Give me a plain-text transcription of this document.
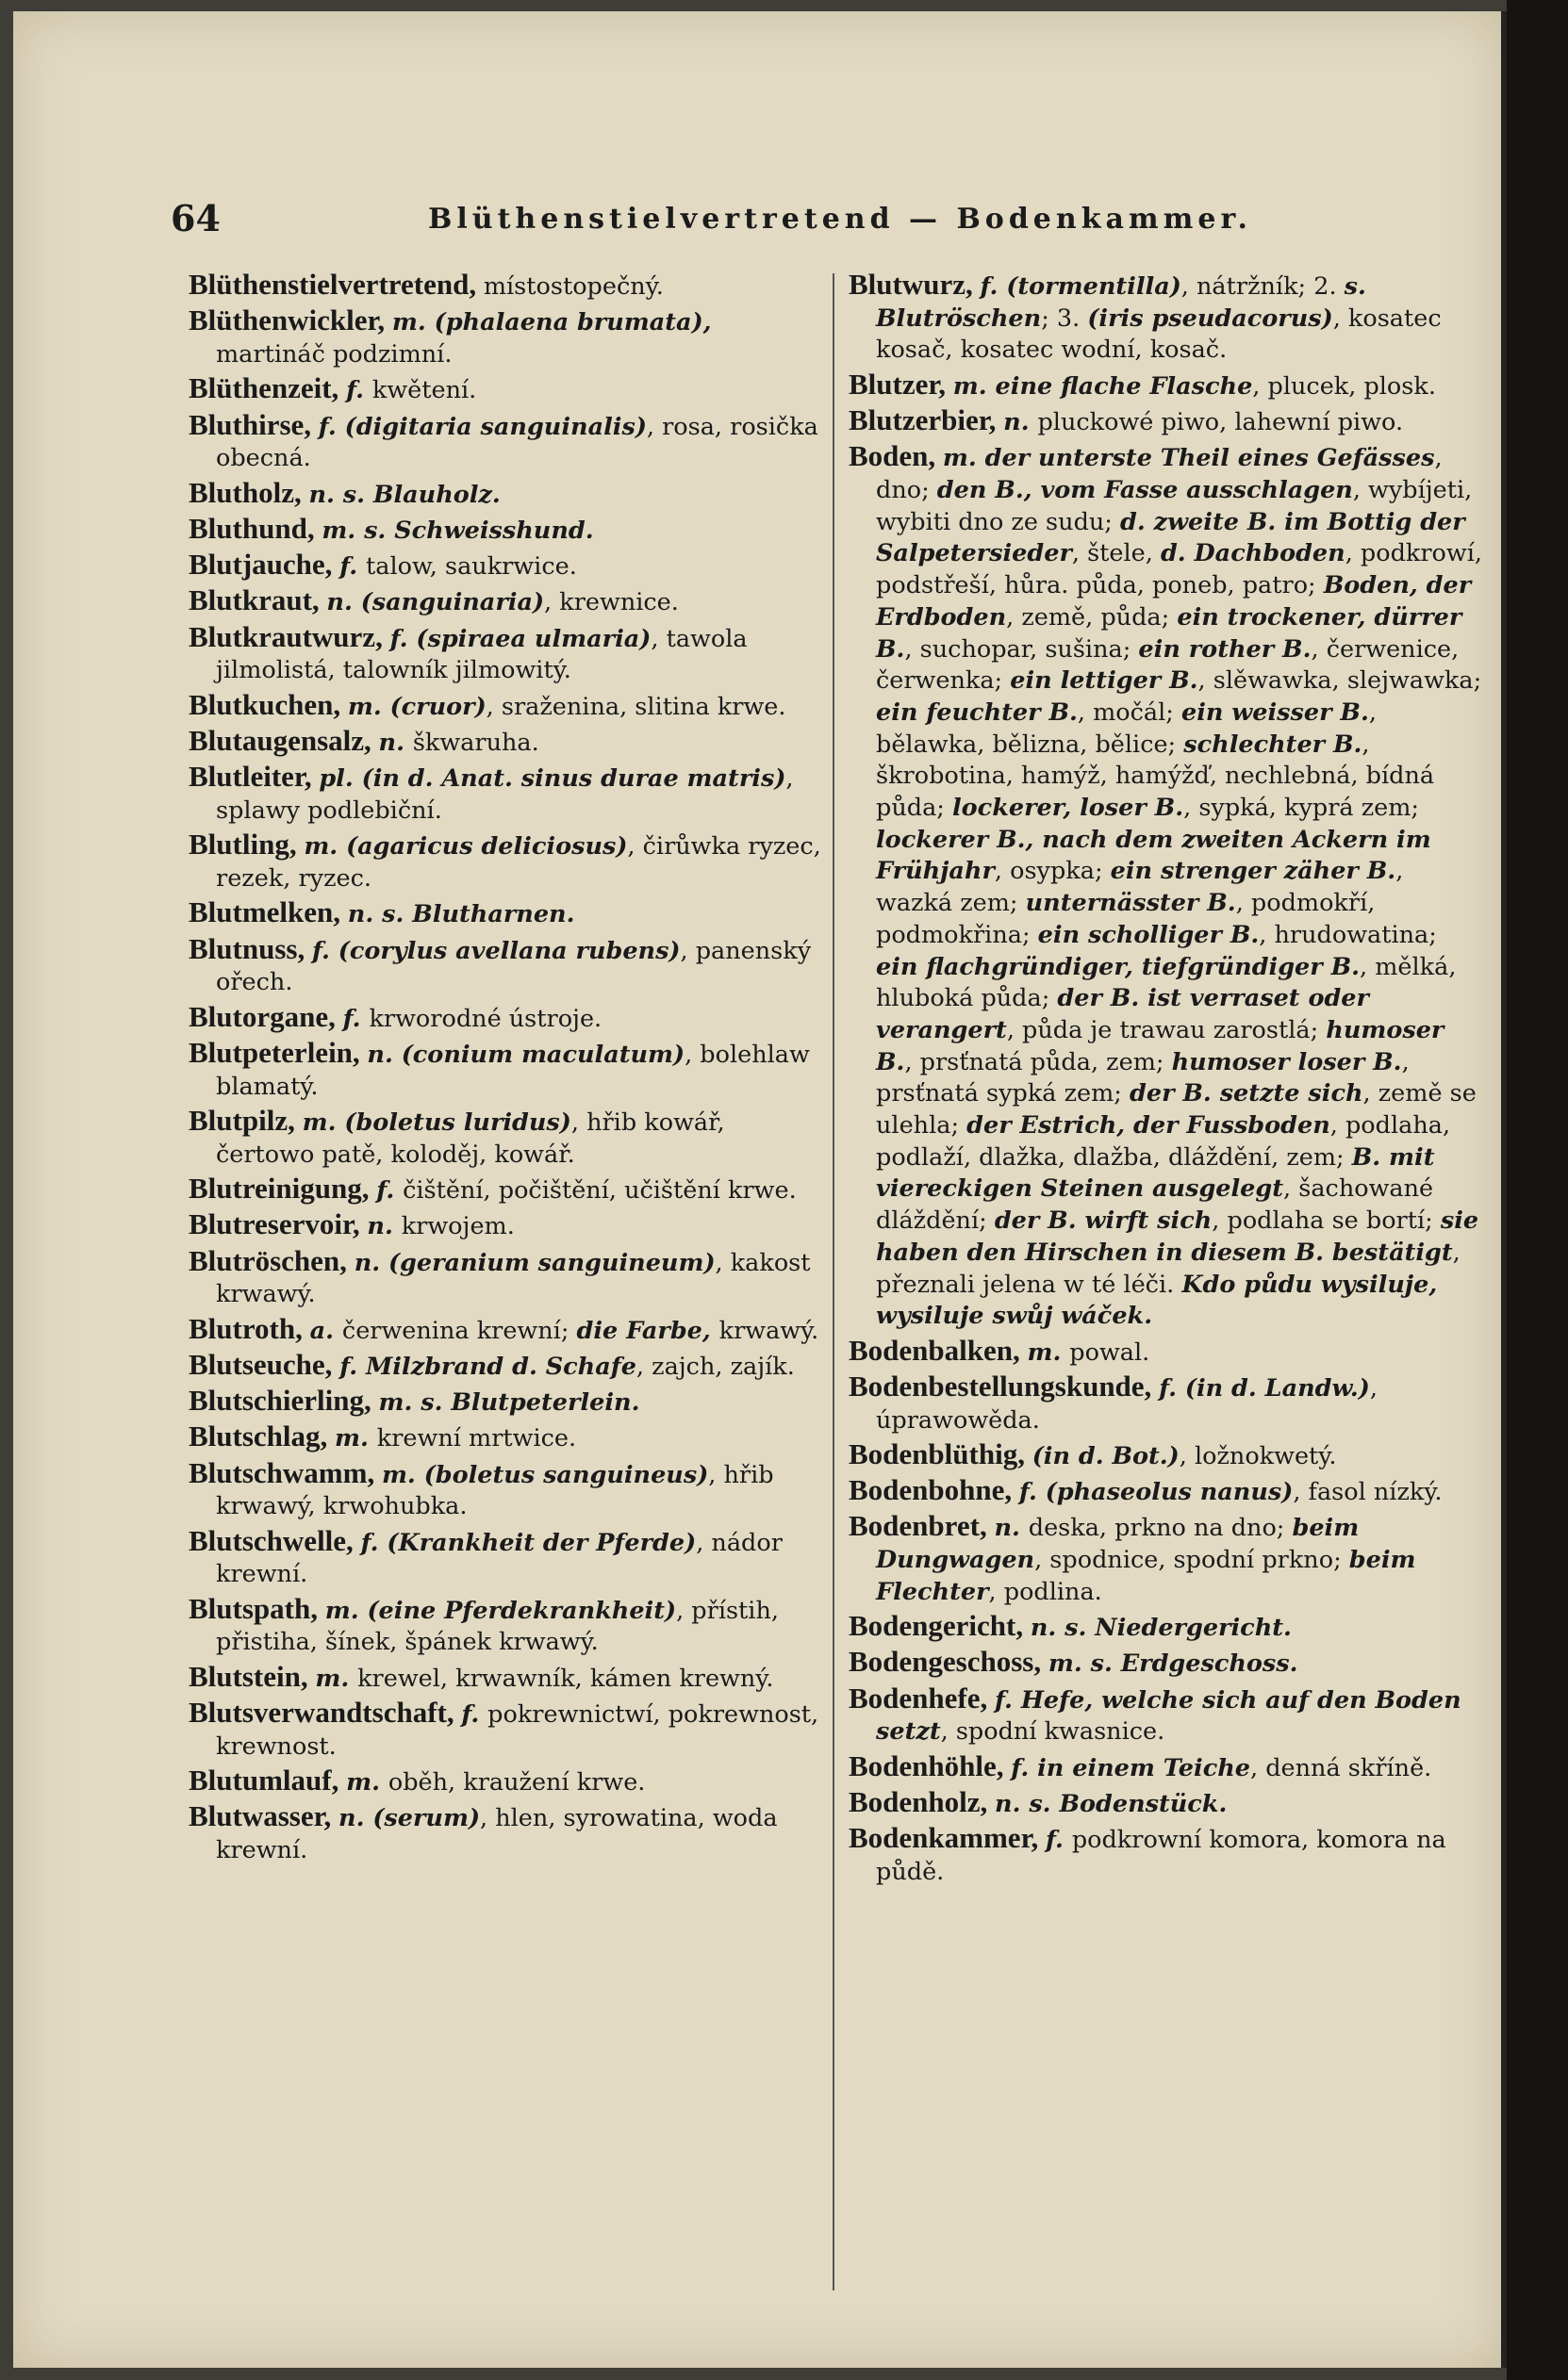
64	Blüthenstielvertretend — Bodenkammer.

Blüthenstielvertretend, místostopečný.

Blüthenwickler, m. (phalaena brumata), martináč podzimní.

Blüthenzeit, f. kwětení.

Bluthirse, f. (digitaria sanguinalis), rosa, rosička obecná.

Blutholz, n. s. Blauholz.

Bluthund, m. s. Schweisshund.

Blutjauche, f. talow, saukrwice.

Blutkraut, n. (sanguinaria), krewnice.

Blutkrautwurz, f. (spiraea ulmaria), tawola jilmolistá, talowník jilmowitý.

Blutkuchen, m. (cruor), sraženina, slitina krwe.

Blutaugensalz, n. škwaruha.

Blutleiter, pl. (in d. Anat. sinus durae matris), splawy podlebiční.

Blutling, m. (agaricus deliciosus), čirůwka ryzec, rezek, ryzec.

Blutmelken, n. s. Blutharnen.

Blutnuss, f. (corylus avellana rubens), panenský ořech.

Blutorgane, f. krworodné ústroje.

Blutpeterlein, n. (conium maculatum), bolehlaw blamatý.

Blutpilz, m. (boletus luridus), hřib kowář, čertowo patě, koloděj, kowář.

Blutreinigung, f. čištění, počištění, učištění krwe.

Blutreservoir, n. krwojem.

Blutröschen, n. (geranium sanguineum), kakost krwawý.

Blutroth, a. čerwenina krewní; die Farbe, krwawý.

Blutseuche, f. Milzbrand d. Schafe, zajch, zajík.

Blutschierling, m. s. Blutpeterlein.

Blutschlag, m. krewní mrtwice.

Blutschwamm, m. (boletus sanguineus), hřib krwawý, krwohubka.

Blutschwelle, f. (Krankheit der Pferde), nádor krewní.

Blutspath, m. (eine Pferdekrankheit), přístih, přistiha, šínek, špánek krwawý.

Blutstein, m. krewel, krwawník, kámen krewný.

Blutsverwandtschaft, f. pokrewnictwí, pokrewnost, krewnost.

Blutumlauf, m. oběh, kraužení krwe.

Blutwasser, n. (serum), hlen, syrowatina, woda krewní.

Blutwurz, f. (tormentilla), nátržník; 2. s. Blutröschen; 3. (iris pseudacorus), kosatec kosač, kosatec wodní, kosač.

Blutzer, m. eine flache Flasche, plucek, plosk.

Blutzerbier, n. pluckowé piwo, lahewní piwo.

Boden, m. der unterste Theil eines Gefässes, dno; den B., vom Fasse ausschlagen, wybíjeti, wybiti dno ze sudu; d. zweite B. im Bottig der Salpetersieder, štele, d. Dachboden, podkrowí, podstřeší, hůra. půda, poneb, patro; Boden, der Erdboden, země, půda; ein trockener, dürrer B., suchopar, sušina; ein rother B., čerwenice, čerwenka; ein lettiger B., slěwawka, slejwawka; ein feuchter B., močál; ein weisser B., bělawka, bělizna, bělice; schlechter B., škrobotina, hamýž, hamýžď, nechlebná, bídná půda; lockerer, loser B., sypká, kyprá zem; lockerer B., nach dem zweiten Ackern im Frühjahr, osypka; ein strenger zäher B., wazká zem; unternässter B., podmokří, podmokřina; ein scholliger B., hrudowatina; ein flachgründiger, tiefgründiger B., mělká, hluboká půda; der B. ist verraset oder verangert, půda je trawau zarostlá; humoser B., prsťnatá půda, zem; humoser loser B., prsťnatá sypká zem; der B. setzte sich, země se ulehla; der Estrich, der Fussboden, podlaha, podlaží, dlažka, dlažba, dláždění, zem; B. mit viereckigen Steinen ausgelegt, šachowané dláždění; der B. wirft sich, podlaha se bortí; sie haben den Hirschen in diesem B. bestätigt, přeznali jelena w té léči. Kdo půdu wysiluje, wysiluje swůj wáček.

Bodenbalken, m. powal.

Bodenbestellungskunde, f. (in d. Landw.), úprawowěda.

Bodenblüthig, (in d. Bot.), ložnokwetý.

Bodenbohne, f. (phaseolus nanus), fasol nízký.

Bodenbret, n. deska, prkno na dno; beim Dungwagen, spodnice, spodní prkno; beim Flechter, podlina.

Bodengericht, n. s. Niedergericht.

Bodengeschoss, m. s. Erdgeschoss.

Bodenhefe, f. Hefe, welche sich auf den Boden setzt, spodní kwasnice.

Bodenhöhle, f. in einem Teiche, denná skříně.

Bodenholz, n. s. Bodenstück.

Bodenkammer, f. podkrowní komora, komora na půdě.
